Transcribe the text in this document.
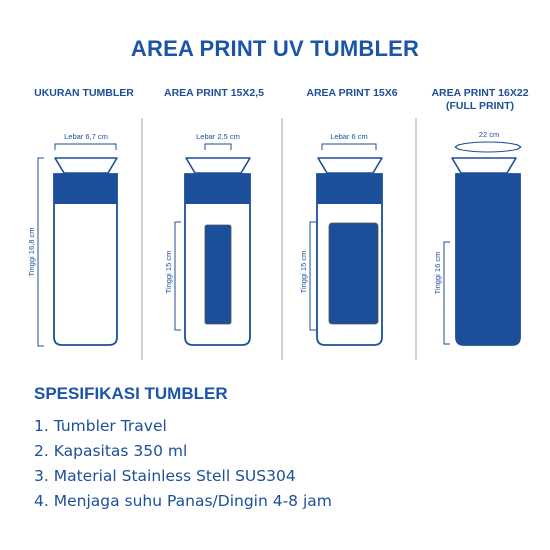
AREA PRINT UV TUMBLER
UKURAN TUMBLER	AREA PRINT 15X2,5	AREA PRINT 15X6	AREA PRINT 16X22
(FULL PRINT)
Lebar 6,7 cm
Tinggi 16,8 cm
Lebar 2,5 cm
Tinggi 15 cm
Lebar 6 cm
Tinggi 15 cm
22 cm
Tinggi 16 cm
SPESIFIKASI TUMBLER
1. Tumbler Travel
2. Kapasitas 350 ml
3. Material Stainless Stell SUS304
4. Menjaga suhu Panas/Dingin 4-8 jam
